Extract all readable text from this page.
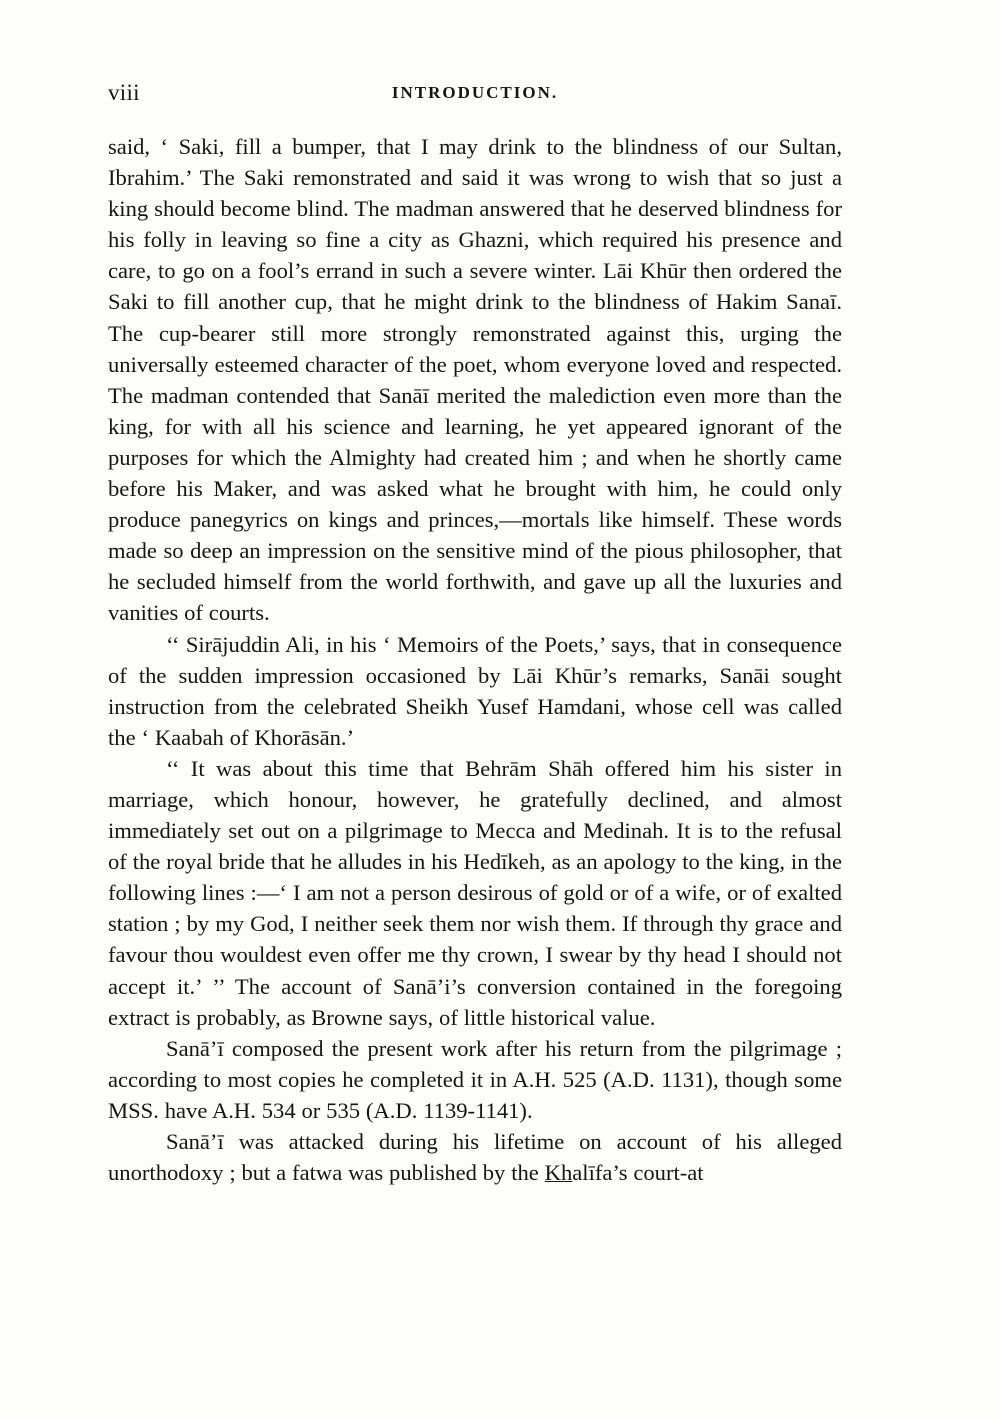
viii	INTRODUCTION.

said, ‘ Saki, fill a bumper, that I may drink to the blindness of our Sultan, Ibrahim.’ The Saki remonstrated and said it was wrong to wish that so just a king should become blind. The madman answered that he deserved blindness for his folly in leaving so fine a city as Ghazni, which required his presence and care, to go on a fool’s errand in such a severe winter. Lāi Khūr then ordered the Saki to fill another cup, that he might drink to the blindness of Hakim Sanaī. The cup-bearer still more strongly remonstrated against this, urging the universally esteemed character of the poet, whom everyone loved and respected. The madman contended that Sanāī merited the malediction even more than the king, for with all his science and learning, he yet appeared ignorant of the purposes for which the Almighty had created him ; and when he shortly came before his Maker, and was asked what he brought with him, he could only produce panegyrics on kings and princes,—mortals like himself. These words made so deep an impression on the sensitive mind of the pious philosopher, that he secluded himself from the world forthwith, and gave up all the luxuries and vanities of courts.

‘‘ Sirājuddin Ali, in his ‘ Memoirs of the Poets,’ says, that in consequence of the sudden impression occasioned by Lāi Khūr’s remarks, Sanāi sought instruction from the celebrated Sheikh Yusef Hamdani, whose cell was called the ‘ Kaabah of Khorāsān.’

‘‘ It was about this time that Behrām Shāh offered him his sister in marriage, which honour, however, he gratefully declined, and almost immediately set out on a pilgrimage to Mecca and Medinah. It is to the refusal of the royal bride that he alludes in his Hedīkeh, as an apology to the king, in the following lines :—‘ I am not a person desirous of gold or of a wife, or of exalted station ; by my God, I neither seek them nor wish them. If through thy grace and favour thou wouldest even offer me thy crown, I swear by thy head I should not accept it.’ ’’ The account of Sanā’i’s conversion contained in the foregoing extract is probably, as Browne says, of little historical value.

Sanā’ī composed the present work after his return from the pilgrimage ; according to most copies he completed it in A.H. 525 (A.D. 1131), though some MSS. have A.H. 534 or 535 (A.D. 1139-1141).

Sanā’ī was attacked during his lifetime on account of his alleged unorthodoxy ; but a fatwa was published by the Khalīfa’s court-at
